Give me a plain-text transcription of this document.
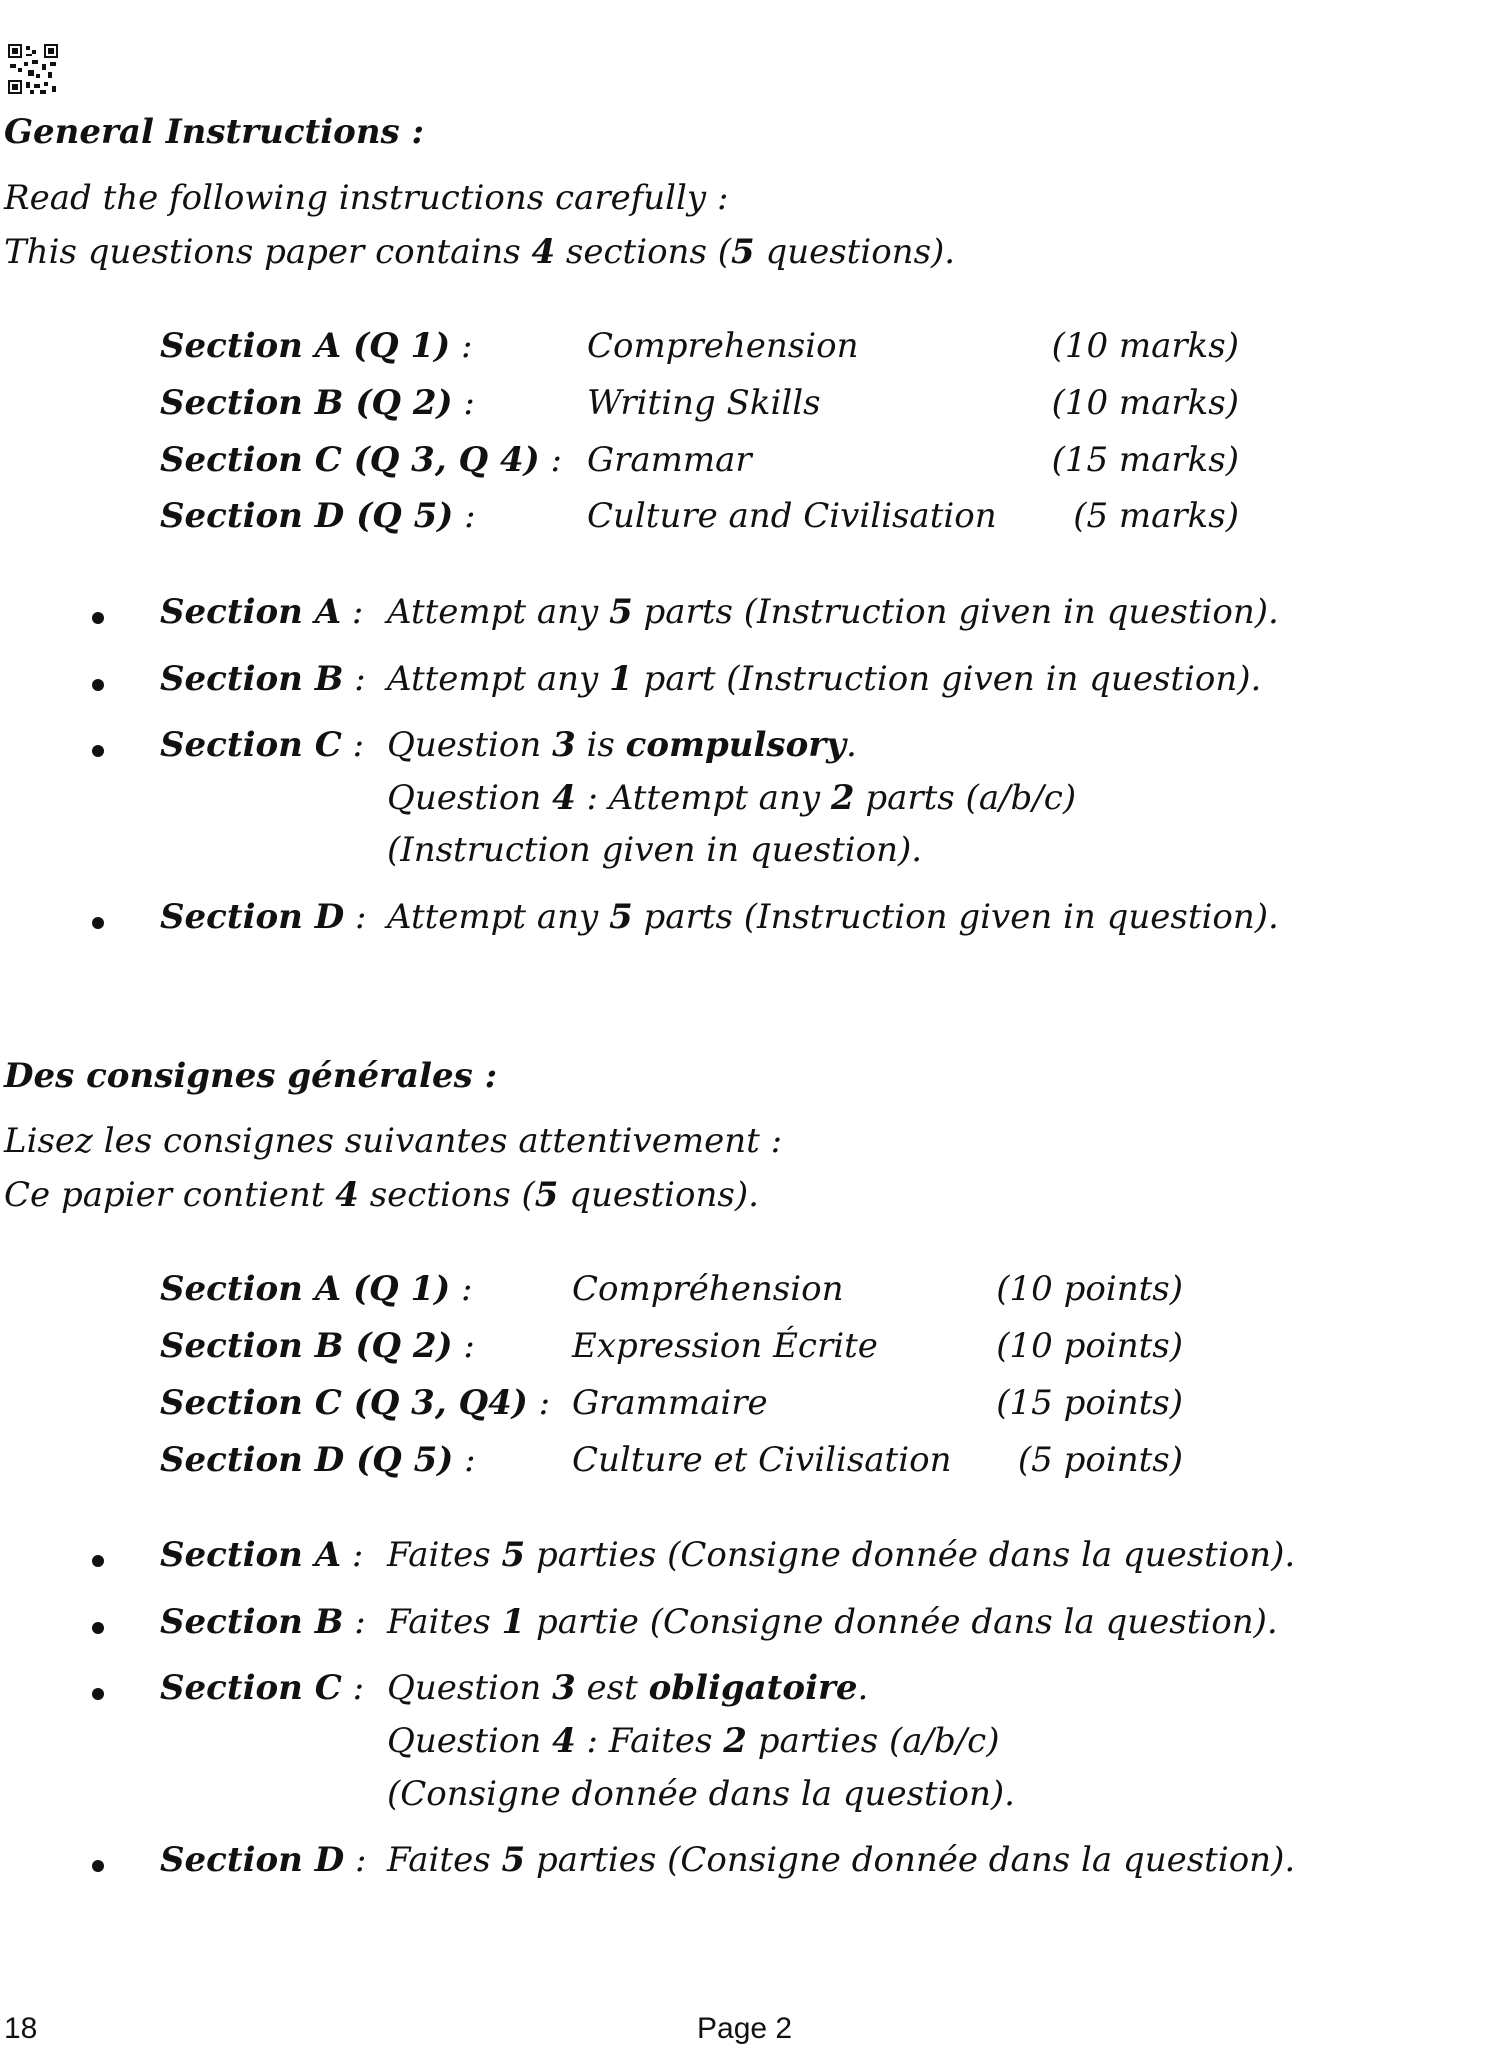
General Instructions :
Read the following instructions carefully :
This questions paper contains 4 sections (5 questions).
Section A (Q 1) :	Comprehension	(10 marks)
Section B (Q 2) :	Writing Skills	(10 marks)
Section C (Q 3, Q 4) : Grammar	(15 marks)
Section D (Q 5) :	Culture and Civilisation (5 marks)
Section A : Attempt any 5 parts (Instruction given in question).
Section B : Attempt any 1 part (Instruction given in question).
Section C : Question 3 is compulsory.
Question 4 : Attempt any 2 parts (a/b/c)
(Instruction given in question).
Section D : Attempt any 5 parts (Instruction given in question).
Des consignes générales :
Lisez les consignes suivantes attentivement :
Ce papier contient 4 sections (5 questions).
Section A (Q 1) :	Compréhension	(10 points)
Section B (Q 2) :	Expression Écrite	(10 points)
Section C (Q 3, Q4) : Grammaire	(15 points)
Section D (Q 5) :	Culture et Civilisation (5 points)
Section A : Faites 5 parties (Consigne donnée dans la question).
Section B : Faites 1 partie (Consigne donnée dans la question).
Section C : Question 3 est obligatoire.
Question 4 : Faites 2 parties (a/b/c)
(Consigne donnée dans la question).
Section D : Faites 5 parties (Consigne donnée dans la question).
18	Page 2
